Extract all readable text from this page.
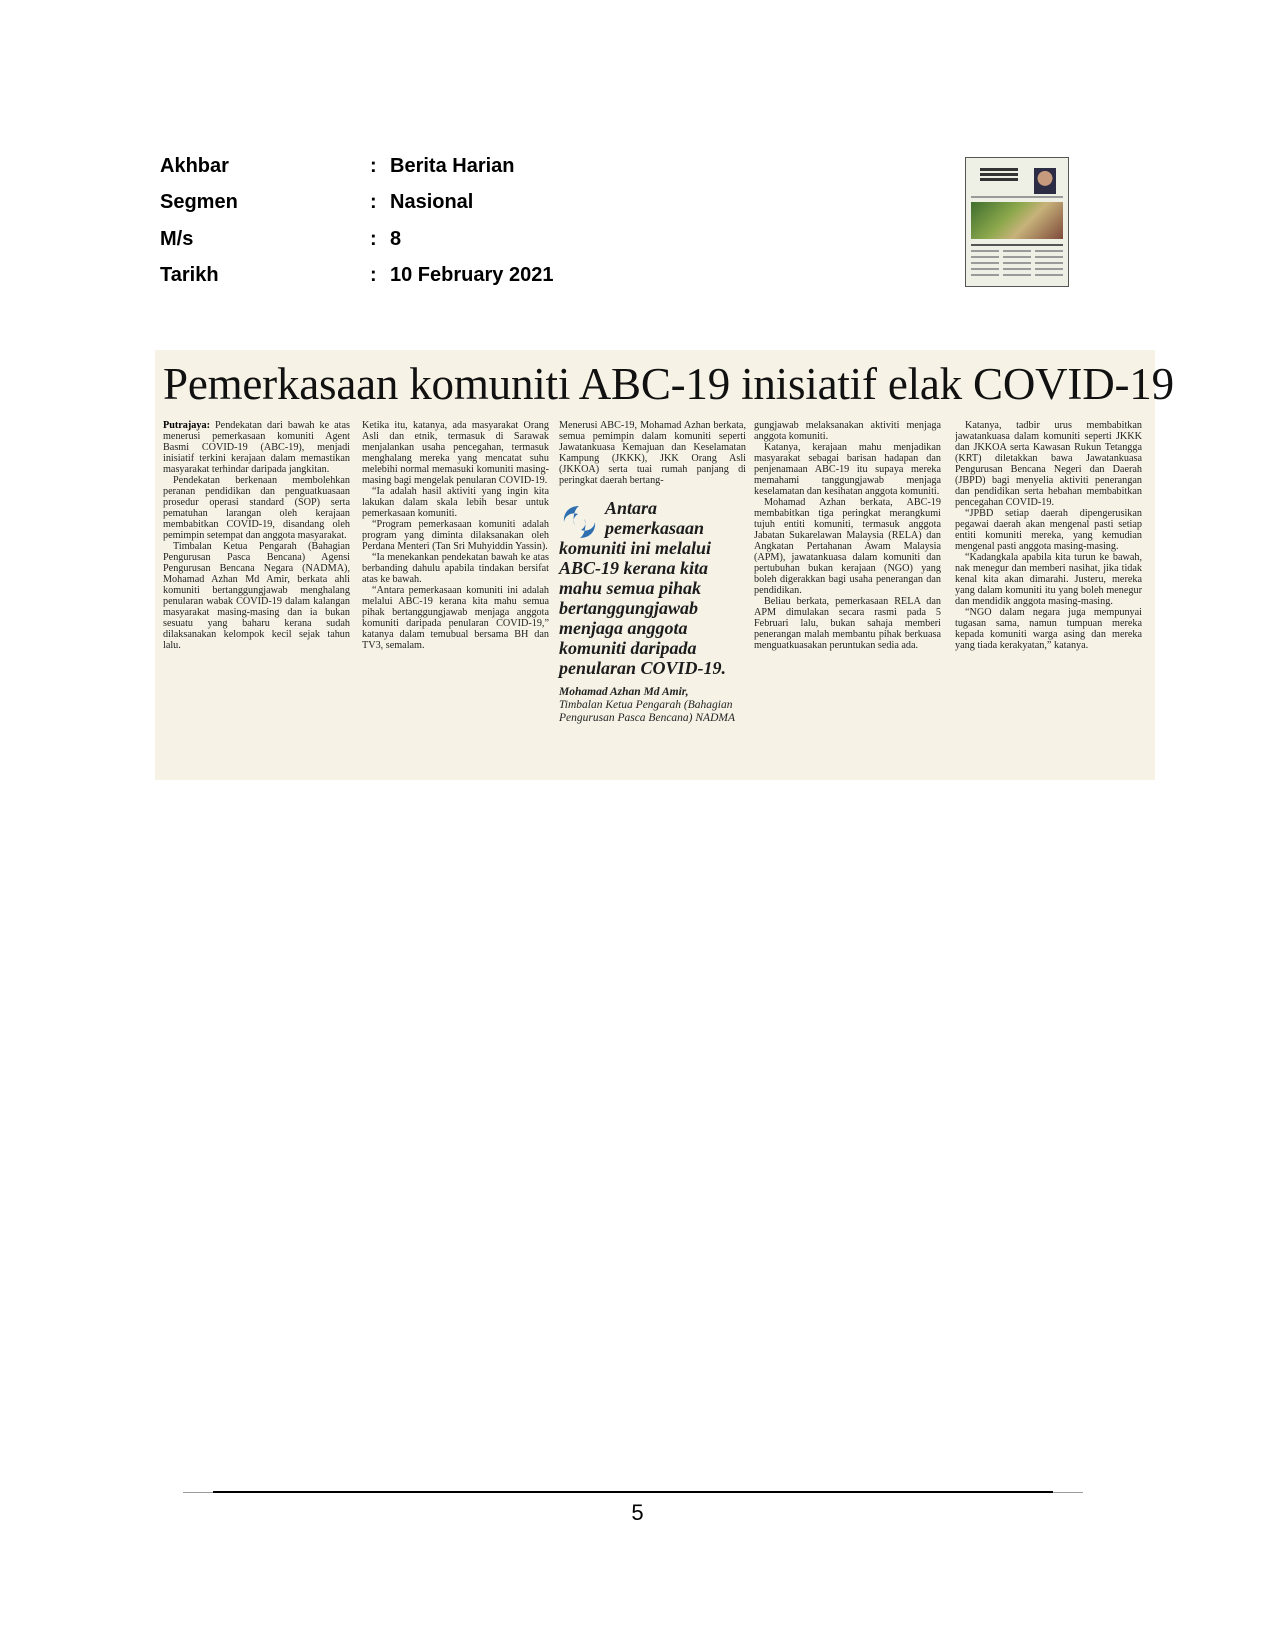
Akhbar	: Berita Harian
Segmen	: Nasional
M/s	: 8
Tarikh	: 10 February 2021
Pemerkasaan komuniti ABC-19 inisiatif elak COVID-19

Putrajaya: Pendekatan dari bawah ke atas menerusi pemerkasaan komuniti Agent Basmi COVID-19 (ABC-19), menjadi inisiatif terkini kerajaan dalam memastikan masyarakat terhindar daripada jangkitan.

Pendekatan berkenaan membolehkan peranan pendidikan dan penguatkuasaan prosedur operasi standard (SOP) serta pematuhan larangan oleh kerajaan membabitkan COVID-19, disandang oleh pemimpin setempat dan anggota masyarakat.

Timbalan Ketua Pengarah (Bahagian Pengurusan Pasca Bencana) Agensi Pengurusan Bencana Negara (NADMA), Mohamad Azhan Md Amir, berkata ahli komuniti bertanggungjawab menghalang penularan wabak COVID-19 dalam kalangan masyarakat masing-masing dan ia bukan sesuatu yang baharu kerana sudah dilaksanakan kelompok kecil sejak tahun lalu.

Ketika itu, katanya, ada masyarakat Orang Asli dan etnik, termasuk di Sarawak menjalankan usaha pencegahan, termasuk menghalang mereka yang mencatat suhu melebihi normal memasuki komuniti masing-masing bagi mengelak penularan COVID-19.

“Ia adalah hasil aktiviti yang ingin kita lakukan dalam skala lebih besar untuk pemerkasaan komuniti.

“Program pemerkasaan komuniti adalah program yang diminta dilaksanakan oleh Perdana Menteri (Tan Sri Muhyiddin Yassin).

“Ia menekankan pendekatan bawah ke atas berbanding dahulu apabila tindakan bersifat atas ke bawah.

“Antara pemerkasaan komuniti ini adalah melalui ABC-19 kerana kita mahu semua pihak bertanggungjawab menjaga anggota komuniti daripada penularan COVID-19,” katanya dalam temubual bersama BH dan TV3, semalam.

Menerusi ABC-19, Mohamad Azhan berkata, semua pemimpin dalam komuniti seperti Jawatankuasa Kemajuan dan Keselamatan Kampung (JKKK), JKK Orang Asli (JKKOA) serta tuai rumah panjang di peringkat daerah bertang-

Antara
pemerkasaan
komuniti ini melalui ABC-19 kerana kita mahu semua pihak bertanggungjawab menjaga anggota komuniti daripada penularan COVID-19.
Mohamad Azhan Md Amir,
Timbalan Ketua Pengarah (Bahagian Pengurusan Pasca Bencana) NADMA

gungjawab melaksanakan aktiviti menjaga anggota komuniti.

Katanya, kerajaan mahu menjadikan masyarakat sebagai barisan hadapan dan penjenamaan ABC-19 itu supaya mereka memahami tanggungjawab menjaga keselamatan dan kesihatan anggota komuniti.

Mohamad Azhan berkata, ABC-19 membabitkan tiga peringkat merangkumi tujuh entiti komuniti, termasuk anggota Jabatan Sukarelawan Malaysia (RELA) dan Angkatan Pertahanan Awam Malaysia (APM), jawatankuasa dalam komuniti dan pertubuhan bukan kerajaan (NGO) yang boleh digerakkan bagi usaha penerangan dan pendidikan.

Beliau berkata, pemerkasaan RELA dan APM dimulakan secara rasmi pada 5 Februari lalu, bukan sahaja memberi penerangan malah membantu pihak berkuasa menguatkuasakan peruntukan sedia ada.

Katanya, tadbir urus membabitkan jawatankuasa dalam komuniti seperti JKKK dan JKKOA serta Kawasan Rukun Tetangga (KRT) diletakkan bawa Jawatankuasa Pengurusan Bencana Negeri dan Daerah (JBPD) bagi menyelia aktiviti penerangan dan pendidikan serta hebahan membabitkan pencegahan COVID-19.

“JPBD setiap daerah dipengerusikan pegawai daerah akan mengenal pasti setiap entiti komuniti mereka, yang kemudian mengenal pasti anggota masing-masing.

“Kadangkala apabila kita turun ke bawah, nak menegur dan memberi nasihat, jika tidak kenal kita akan dimarahi. Justeru, mereka yang dalam komuniti itu yang boleh menegur dan mendidik anggota masing-masing.

“NGO dalam negara juga mempunyai tugasan sama, namun tumpuan mereka kepada komuniti warga asing dan mereka yang tiada kerakyatan,” katanya.

5
